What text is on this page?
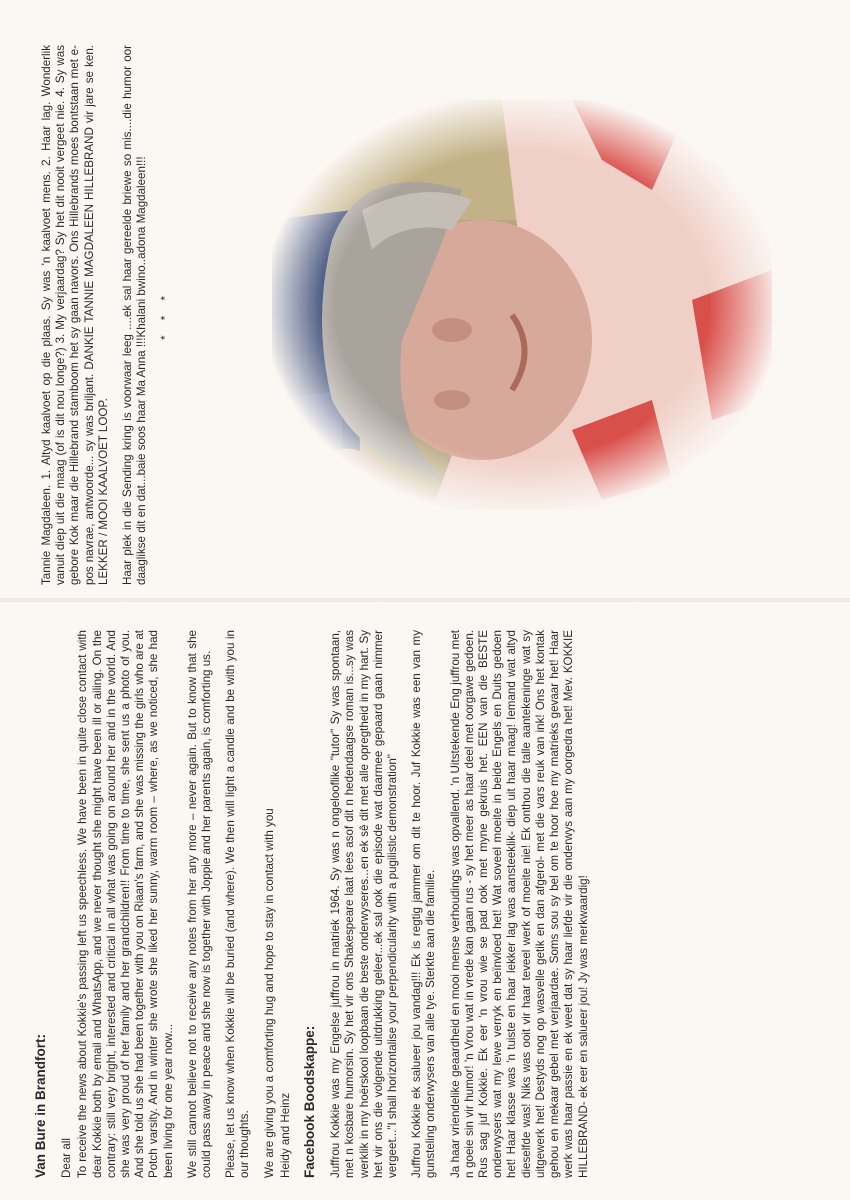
Tannie Magdaleen. 1. Altyd kaalvoet op die plaas. Sy was 'n kaalvoet mens. 2. Haar lag. Wonderlik vanuit diep uit die maag (of is dit nou longe?) 3. My verjaardag? Sy het dit nooit vergeet nie. 4. Sy was gebore Kok maar die Hillebrand stamboom het sy gaan navors. Ons Hillebrands moes bontstaan met e-pos navrae, antwoorde... sy was briljant. DANKIE TANNIE MAGDALEEN HILLEBRAND vir jare se ken. LEKKER / MOOI KAALVOET LOOP. Haar plek in die Sending kring is voorwaar leeg ....ek sal haar gereelde briewe so mis....die humor oor daaglikse dit en dat...baie soos haar Ma Anna !!!Khalani bwino..adona Magdaleen!!! * * *
Van Bure in Brandfort: Dear all To receive the news about Kokkie's passing left us speechless. We have been in quite close contact with dear Kokkie both by email and WhatsApp, and we never thought she might have been ill or ailing. On the contrary: still very bright, interested and critical in all what was going on around her and in the world. And she was very proud of her family and her grandchildren!! From time to time, she sent us a photo of you. And she told us she had been together with you on Riaan's farm, and she was missing the girls who are at Potch varsity. And in winter she wrote she liked her sunny, warm room – where, as we noticed, she had been living for one year now... We still cannot believe not to receive any notes from her any more – never again. But to know that she could pass away in peace and she now is together with Joppie and her parents again, is comforting us. Please, let us know when Kokkie will be buried (and where). We then will light a candle and be with you in our thoughts. We are giving you a comforting hug and hope to stay in contact with you Heidy and Heinz Facebook Boodskappe: Juffrou Kokkie was my Engelse juffrou in matriek 1964. Sy was n ongelooflike "tutor" Sy was spontaan, met n kosbare humorsin. Sy het vir ons Shakespeare laat lees asof dit n hedendaagse roman is...sy was werklik in my hoërskool loopbaan die beste onderwyseres...en ek sê dit met alle opregtheid in my hart. Sy het vir ons die volgende uitdrukking geleer...ek sal ook die episode wat daarmee gepaard gaan nimmer vergeet..."I shall horizontalise your perpendicularity with a pugilistic demonstration" Juffrou Kokkie ek salueer jou vandag!!! Ek is regtig jammer om dit te hoor. Juf Kokkie was een van my gunsteling onderwysers van alle tye. Sterkte aan die familie. Ja haar vriendelike geaardheid en mooi mense verhoudings was opvallend. 'n Uitstekende Eng juffrou met n goeie sin vir humor! 'n Vrou wat in vrede kan gaan rus - sy het meer as haar deel met oorgawe gedoen. Rus sag juf Kokkie. Ek eer 'n vrou wie se pad ook met myne gekruis het. EEN van die BESTE onderwysers wat my lewe verryk en beïnvloed het! Wat soveel moeite in beide Engels en Duits gedoen het! Haar klasse was 'n tuiste en haar lekker lag was aansteeklik- diep uit haar maag! Iemand wat altyd dieselfde was! Niks was ooit vir haar teveel werk of moeite nie! Ek onthou die talle aantekeninge wat sy uitgewerk het! Destyds nog op wasvelle getik en dan afgerol- met die vars reuk van ink! Ons het kontak gehou en mekaar gebel met verjaardae. Soms sou sy bel om te hoor hoe my matrieks gevaar het! Haar werk was haar passie en ek weet dat sy haar liefde vir die onderwys aan my oorgedra het! Mev. KOKKIE HILLEBRAND- ek eer en salueer jou! Jy was merkwaardig!
